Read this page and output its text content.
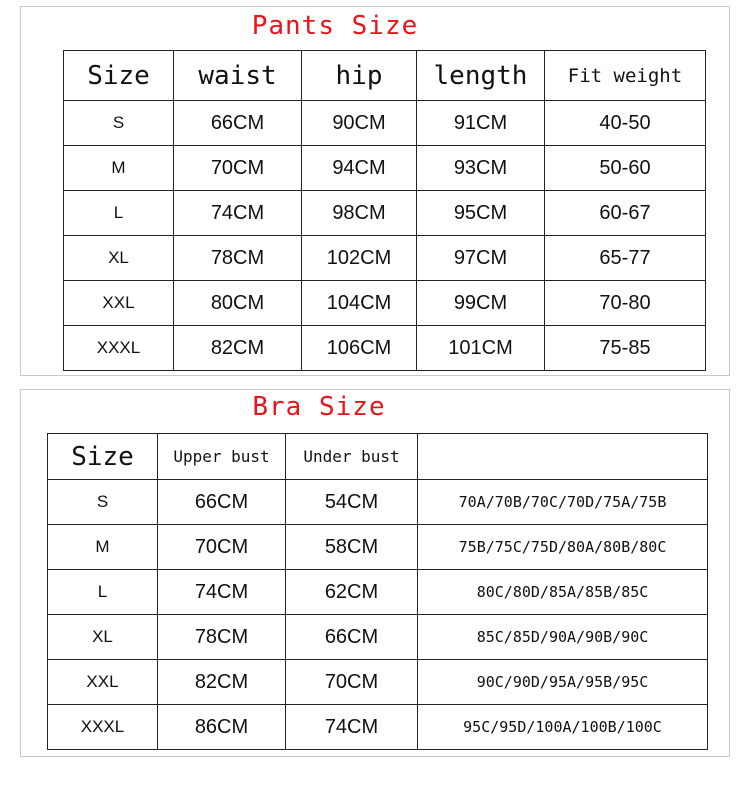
Pants Size
Size	waist	hip	length	Fit weight
S	66CM	90CM	91CM	40-50
M	70CM	94CM	93CM	50-60
L	74CM	98CM	95CM	60-67
XL	78CM	102CM	97CM	65-77
XXL	80CM	104CM	99CM	70-80
XXXL	82CM	106CM	101CM	75-85
Bra Size
Size	Upper bust	Under bust	
S	66CM	54CM	70A/70B/70C/70D/75A/75B
M	70CM	58CM	75B/75C/75D/80A/80B/80C
L	74CM	62CM	80C/80D/85A/85B/85C
XL	78CM	66CM	85C/85D/90A/90B/90C
XXL	82CM	70CM	90C/90D/95A/95B/95C
XXXL	86CM	74CM	95C/95D/100A/100B/100C
